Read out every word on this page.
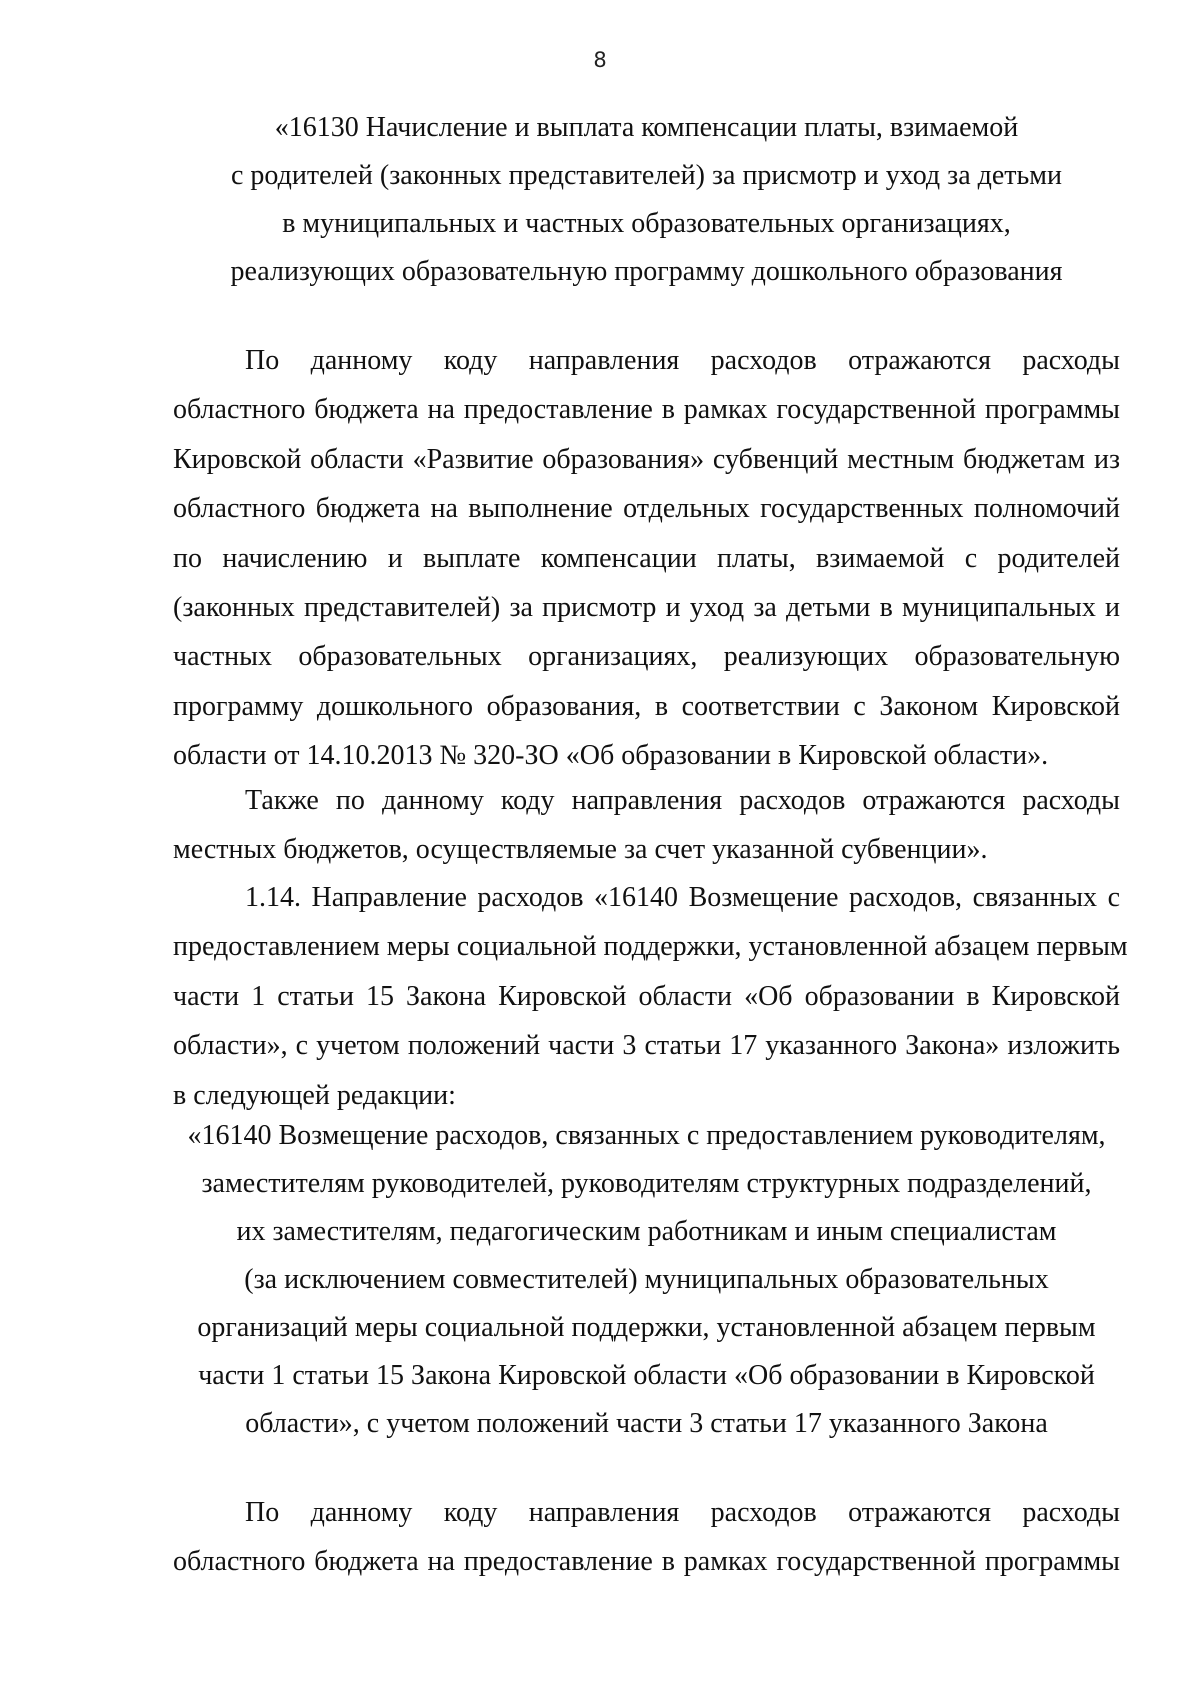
8
«16130 Начисление и выплата компенсации платы, взимаемой
с родителей (законных представителей) за присмотр и уход за детьми
в муниципальных и частных образовательных организациях,
реализующих образовательную программу дошкольного образования
По данному коду направления расходов отражаются расходы
областного бюджета на предоставление в рамках государственной программы
Кировской области «Развитие образования» субвенций местным бюджетам из
областного бюджета на выполнение отдельных государственных полномочий
по начислению и выплате компенсации платы, взимаемой с родителей
(законных представителей) за присмотр и уход за детьми в муниципальных и
частных образовательных организациях, реализующих образовательную
программу дошкольного образования, в соответствии с Законом Кировской
области от 14.10.2013 № 320-ЗО «Об образовании в Кировской области».
Также по данному коду направления расходов отражаются расходы
местных бюджетов, осуществляемые за счет указанной субвенции».
1.14. Направление расходов «16140 Возмещение расходов, связанных с
предоставлением меры социальной поддержки, установленной абзацем первым
части 1 статьи 15 Закона Кировской области «Об образовании в Кировской
области», с учетом положений части 3 статьи 17 указанного Закона» изложить
в следующей редакции:
«16140 Возмещение расходов, связанных с предоставлением руководителям,
заместителям руководителей, руководителям структурных подразделений,
их заместителям, педагогическим работникам и иным специалистам
(за исключением совместителей) муниципальных образовательных
организаций меры социальной поддержки, установленной абзацем первым
части 1 статьи 15 Закона Кировской области «Об образовании в Кировской
области», с учетом положений части 3 статьи 17 указанного Закона
По данному коду направления расходов отражаются расходы
областного бюджета на предоставление в рамках государственной программы
